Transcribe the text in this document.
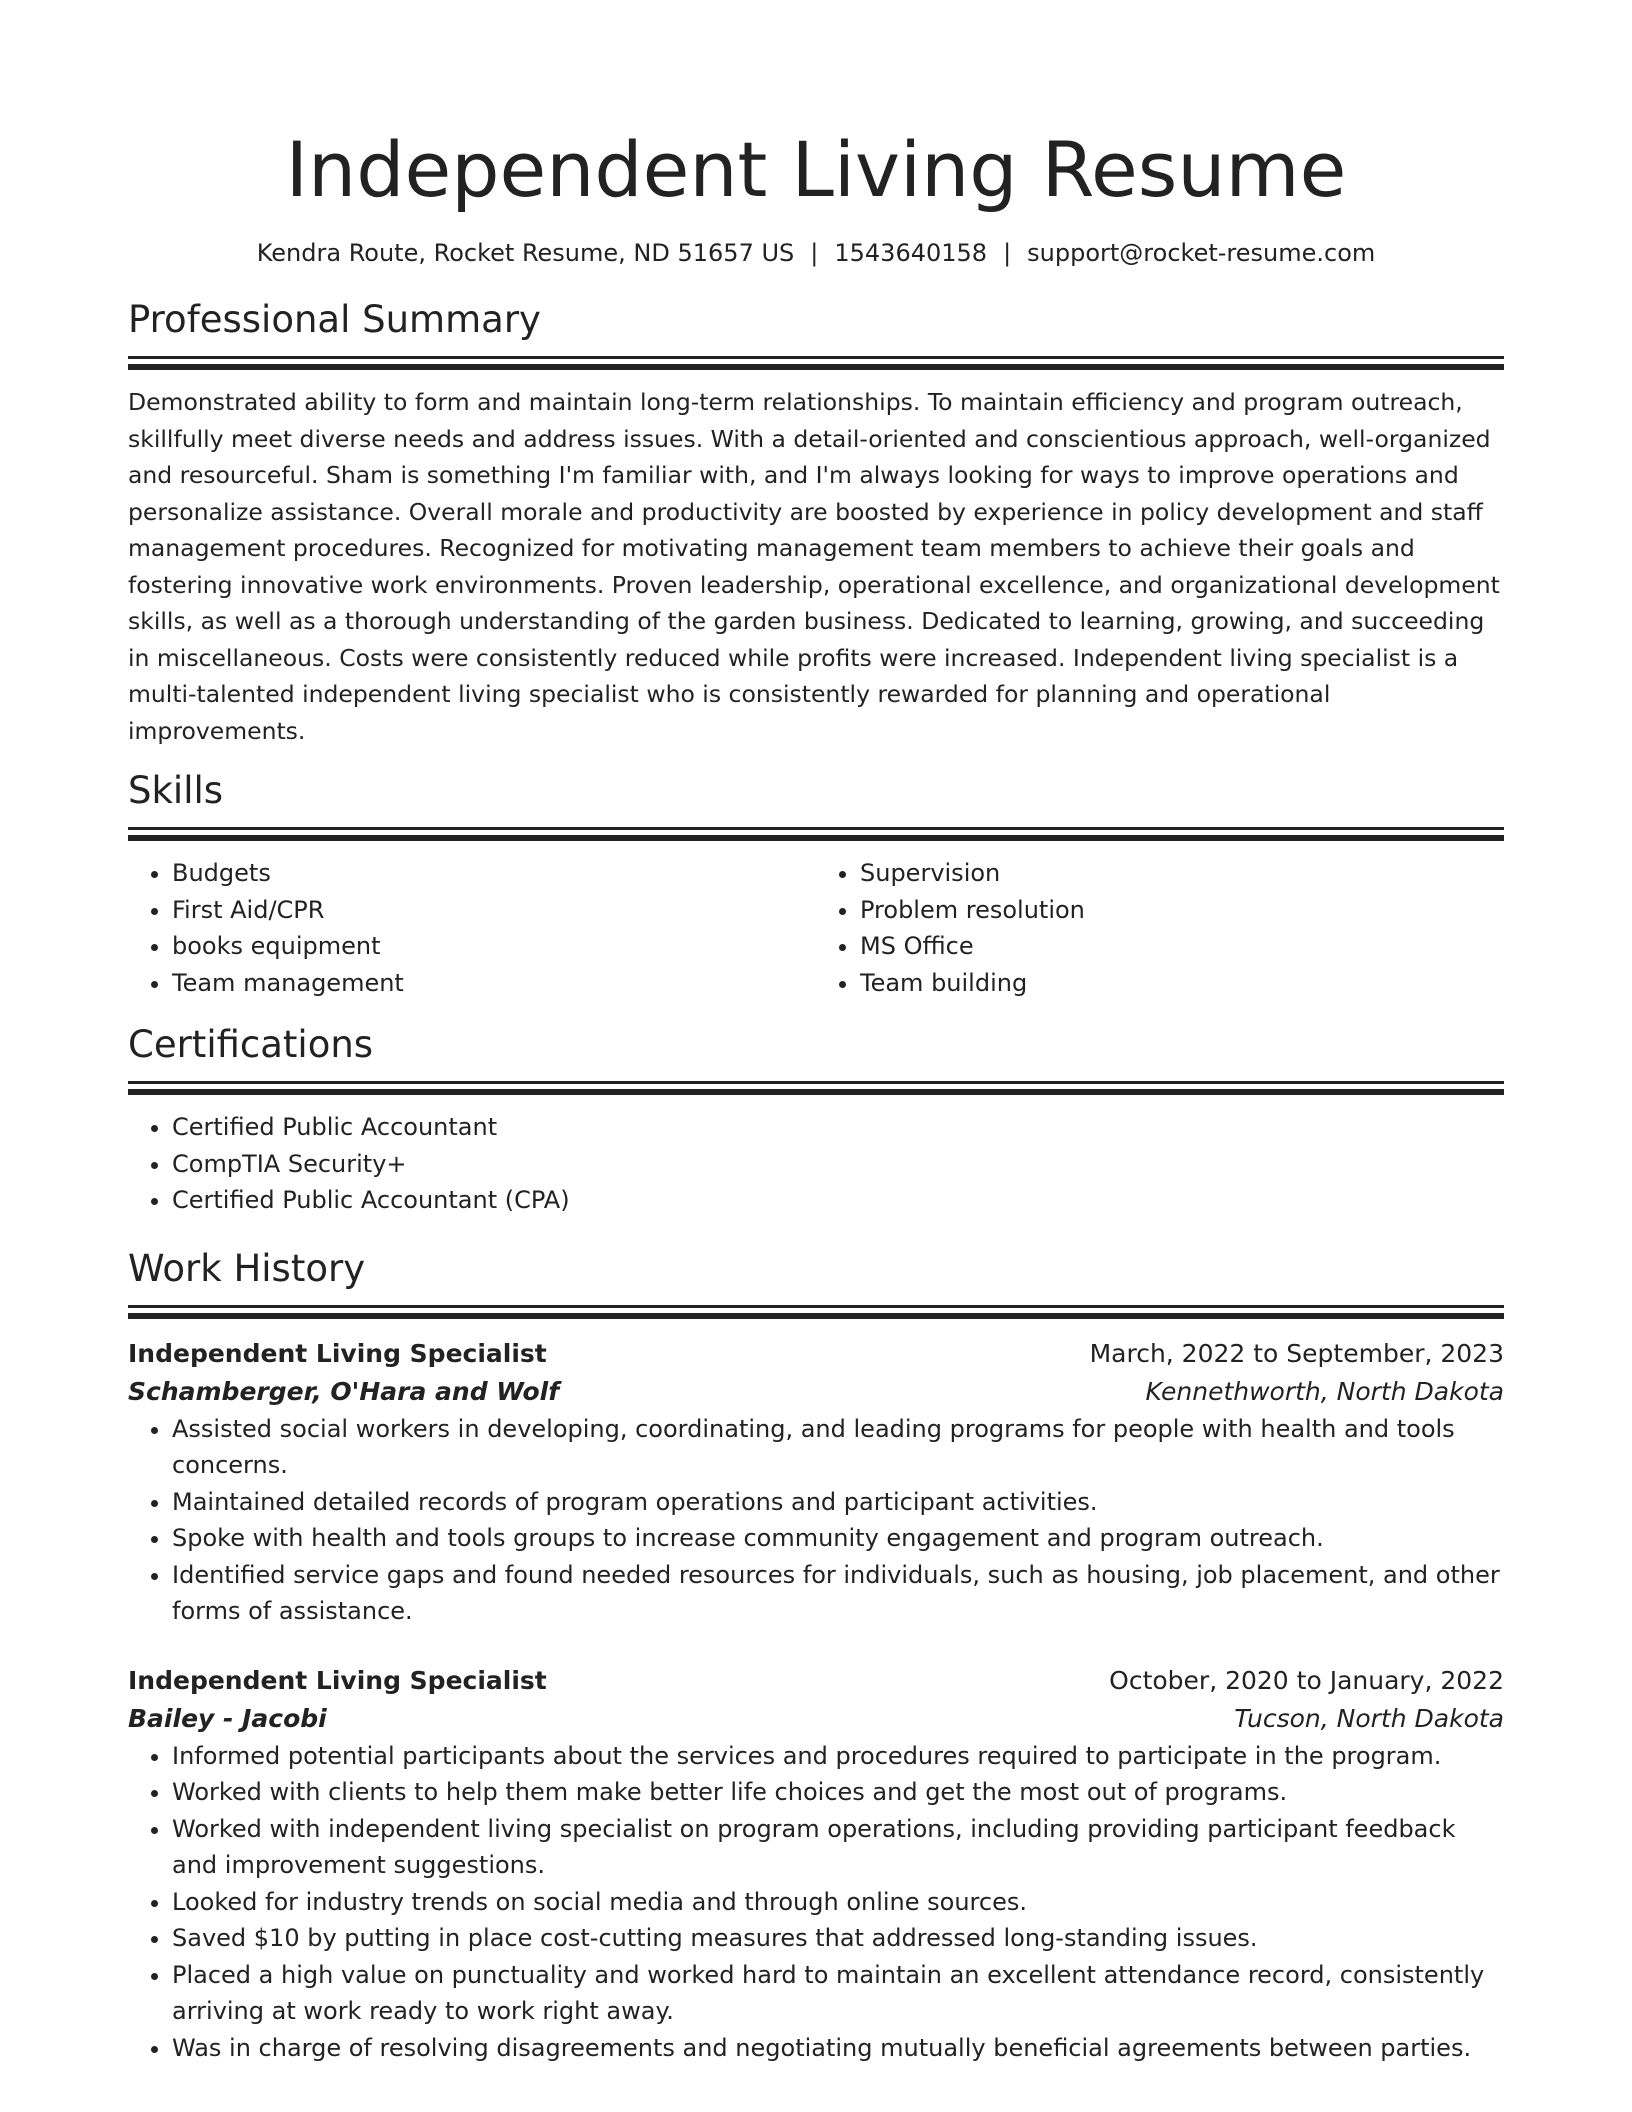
Independent Living Resume
Kendra Route, Rocket Resume, ND 51657 US | 1543640158 | support@rocket-resume.com
Professional Summary

Demonstrated ability to form and maintain long-term relationships. To maintain efficiency and program outreach, skillfully meet diverse needs and address issues. With a detail-oriented and conscientious approach, well-organized and resourceful. Sham is something I'm familiar with, and I'm always looking for ways to improve operations and personalize assistance. Overall morale and productivity are boosted by experience in policy development and staff management procedures. Recognized for motivating management team members to achieve their goals and fostering innovative work environments. Proven leadership, operational excellence, and organizational development skills, as well as a thorough understanding of the garden business. Dedicated to learning, growing, and succeeding in miscellaneous. Costs were consistently reduced while profits were increased. Independent living specialist is a multi-talented independent living specialist who is consistently rewarded for planning and operational improvements.

Skills
• Budgets
• First Aid/CPR
• books equipment
• Team management
• Supervision
• Problem resolution
• MS Office
• Team building
Certifications
• Certified Public Accountant
• CompTIA Security+
• Certified Public Accountant (CPA)
Work History
Independent Living Specialist	March, 2022 to September, 2023
Schamberger, O'Hara and Wolf	Kennethworth, North Dakota
• Assisted social workers in developing, coordinating, and leading programs for people with health and tools concerns.
• Maintained detailed records of program operations and participant activities.
• Spoke with health and tools groups to increase community engagement and program outreach.
• Identified service gaps and found needed resources for individuals, such as housing, job placement, and other forms of assistance.
Independent Living Specialist	October, 2020 to January, 2022
Bailey - Jacobi	Tucson, North Dakota
• Informed potential participants about the services and procedures required to participate in the program.
• Worked with clients to help them make better life choices and get the most out of programs.
• Worked with independent living specialist on program operations, including providing participant feedback and improvement suggestions.
• Looked for industry trends on social media and through online sources.
• Saved $10 by putting in place cost-cutting measures that addressed long-standing issues.
• Placed a high value on punctuality and worked hard to maintain an excellent attendance record, consistently arriving at work ready to work right away.
• Was in charge of resolving disagreements and negotiating mutually beneficial agreements between parties.
